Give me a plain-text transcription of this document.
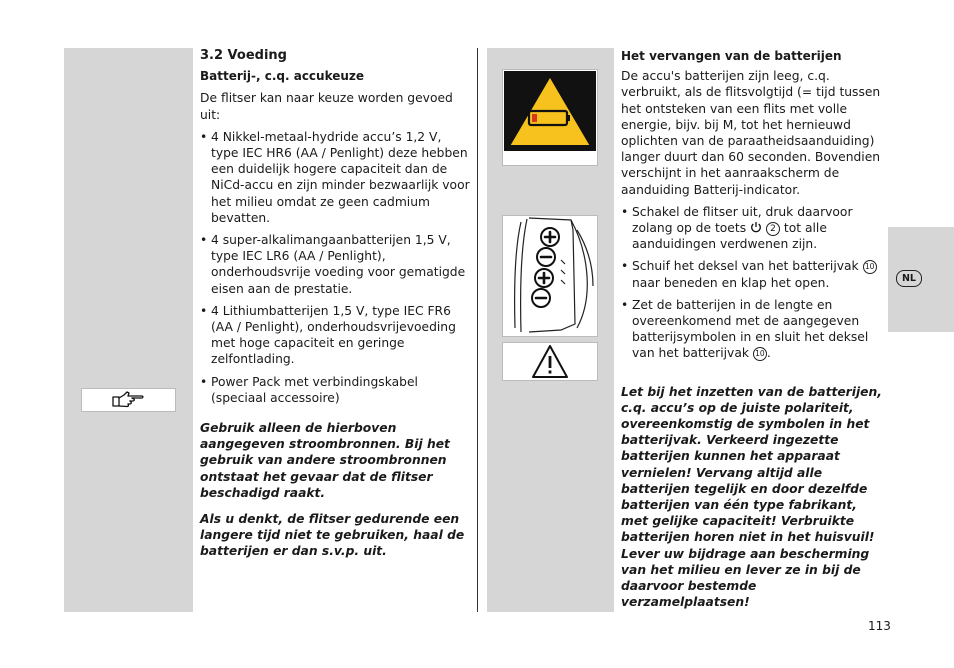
NL

3.2 Voeding

Batterij-, c.q. accukeuze

De flitser kan naar keuze worden gevoed uit:

• 4 Nikkel-metaal-hydride accu’s 1,2 V, type IEC HR6 (AA / Penlight) deze hebben een duidelijk hogere capaciteit dan de NiCd-accu en zijn minder bezwaarlijk voor het milieu omdat ze geen cadmium bevatten.
• 4 super-alkalimangaanbatterijen 1,5 V, type IEC LR6 (AA / Penlight), onderhoudsvrije voeding voor gematigde eisen aan de prestatie.
• 4 Lithiumbatterijen 1,5 V, type IEC FR6 (AA / Penlight), onderhoudsvrijevoeding met hoge capaciteit en geringe zelfontlading.
• Power Pack met verbindingskabel (speciaal accessoire)

Gebruik alleen de hierboven aangegeven stroombronnen. Bij het gebruik van andere stroombronnen ontstaat het gevaar dat de flitser beschadigd raakt.

Als u denkt, de flitser gedurende een langere tijd niet te gebruiken, haal de batterijen er dan s.v.p. uit.

Het vervangen van de batterijen

De accu's batterijen zijn leeg, c.q. verbruikt, als de flitsvolgtijd (= tijd tussen het ontsteken van een flits met volle energie, bijv. bij M, tot het hernieuwd oplichten van de paraatheidsaanduiding) langer duurt dan 60 seconden. Bovendien verschijnt in het aanraakscherm de aanduiding Batterij-indicator.

• Schakel de flitser uit, druk daarvoor zolang op de toets	2 tot alle aanduidingen verdwenen zijn.
• Schuif het deksel van het batterijvak 10 naar beneden en klap het open.
• Zet de batterijen in de lengte en overeenkomend met de aangegeven batterijsymbolen in en sluit het deksel van het batterijvak 10 .

Let bij het inzetten van de batterijen, c.q. accu’s op de juiste polariteit, overeenkomstig de symbolen in het batterijvak. Verkeerd ingezette batterijen kunnen het apparaat vernielen! Vervang altijd alle batterijen tegelijk en door dezelfde batterijen van één type fabrikant, met gelijke capaciteit! Verbruikte batterijen horen niet in het huisvuil! Lever uw bijdrage aan bescherming van het milieu en lever ze in bij de daarvoor bestemde verzamelplaatsen!

113
